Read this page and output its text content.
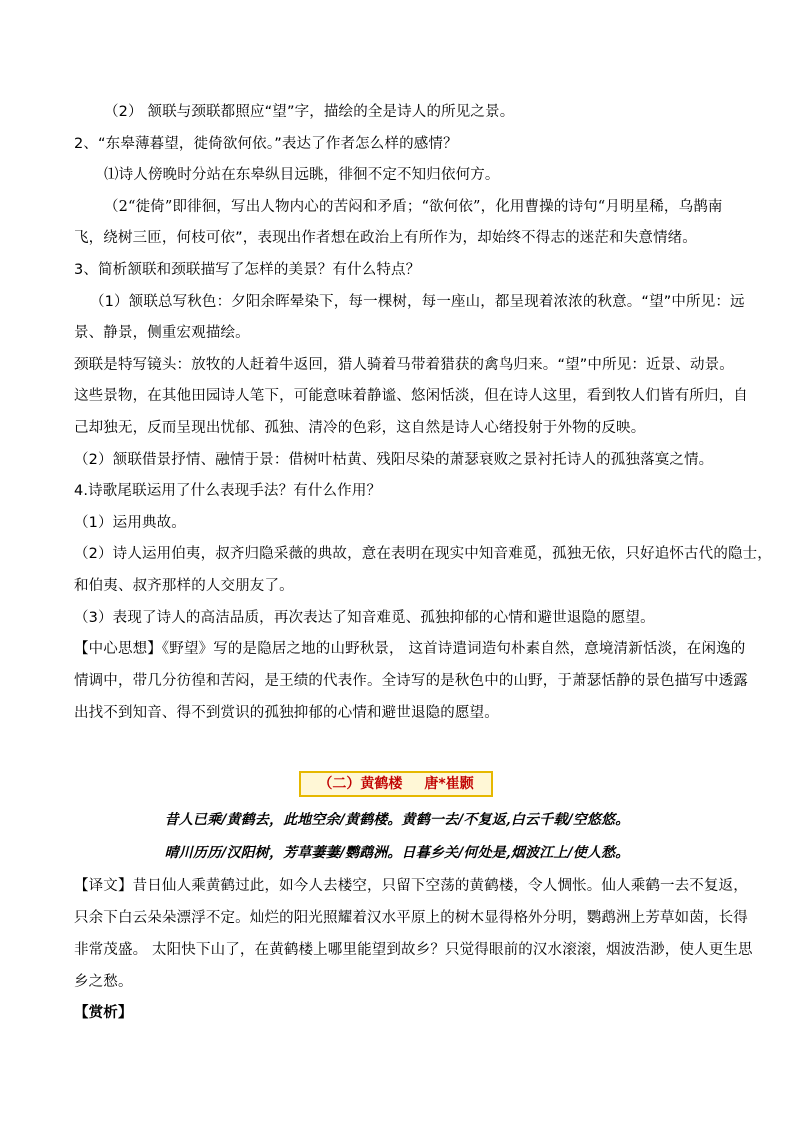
（2） 颔联与颈联都照应“望”字，描绘的全是诗人的所见之景。
2、“东皋薄暮望，徙倚欲何依。”表达了作者怎么样的感情？
⑴诗人傍晚时分站在东皋纵目远眺，徘徊不定不知归依何方。
（2“徙倚”即徘徊，写出人物内心的苦闷和矛盾；“欲何依”，化用曹操的诗句“月明星稀，乌鹊南
飞，绕树三匝，何枝可依”，表现出作者想在政治上有所作为，却始终不得志的迷茫和失意情绪。
3、简析颔联和颈联描写了怎样的美景？有什么特点？
（1）颔联总写秋色：夕阳余晖晕染下，每一棵树，每一座山，都呈现着浓浓的秋意。“望”中所见：远
景、静景，侧重宏观描绘。
颈联是特写镜头：放牧的人赶着牛返回，猎人骑着马带着猎获的禽鸟归来。“望”中所见：近景、动景。
这些景物，在其他田园诗人笔下，可能意味着静谧、悠闲恬淡，但在诗人这里，看到牧人们皆有所归，自
己却独无，反而呈现出忧郁、孤独、清冷的色彩，这自然是诗人心绪投射于外物的反映。
（2）颔联借景抒情、融情于景：借树叶枯黄、残阳尽染的萧瑟衰败之景衬托诗人的孤独落寞之情。
4.诗歌尾联运用了什么表现手法？有什么作用？
（1）运用典故。
（2）诗人运用伯夷，叔齐归隐采薇的典故，意在表明在现实中知音难觅，孤独无依，只好追怀古代的隐士，
和伯夷、叔齐那样的人交朋友了。
（3）表现了诗人的高洁品质，再次表达了知音难觅、孤独抑郁的心情和避世退隐的愿望。
【中心思想】《野望》写的是隐居之地的山野秋景， 这首诗遣词造句朴素自然，意境清新恬淡，在闲逸的
情调中，带几分彷徨和苦闷，是王绩的代表作。全诗写的是秋色中的山野，于萧瑟恬静的景色描写中透露
出找不到知音、得不到赏识的孤独抑郁的心情和避世退隐的愿望。
（二）黄鹤楼 唐*崔颢
昔人已乘/黄鹤去，此地空余/黄鹤楼。黄鹤一去/不复返,白云千载/空悠悠。
晴川历历/汉阳树，芳草萋萋/鹦鹉洲。日暮乡关/何处是,烟波江上/使人愁。
【译文】昔日仙人乘黄鹤过此，如今人去楼空，只留下空荡的黄鹤楼，令人惆怅。仙人乘鹤一去不复返，
只余下白云朵朵漂浮不定。灿烂的阳光照耀着汉水平原上的树木显得格外分明，鹦鹉洲上芳草如茵，长得
非常茂盛。 太阳快下山了，在黄鹤楼上哪里能望到故乡？只觉得眼前的汉水滚滚，烟波浩渺，使人更生思
乡之愁。
【赏析】
